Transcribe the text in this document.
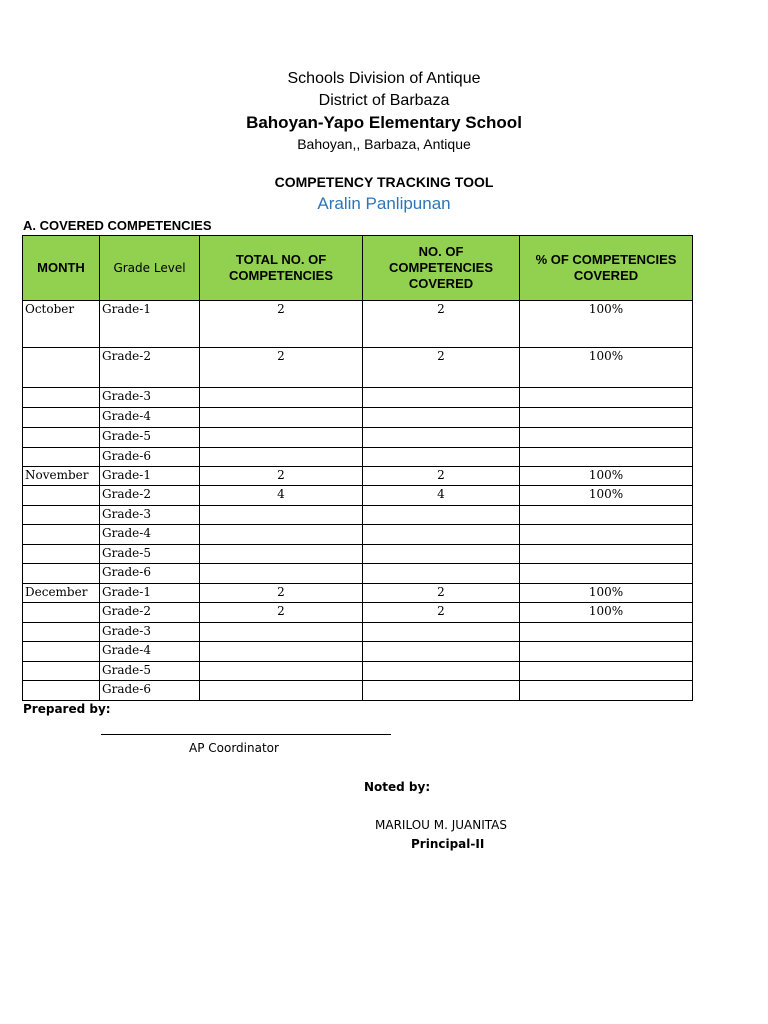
Schools Division of Antique
District of Barbaza
Bahoyan-Yapo Elementary School
Bahoyan,, Barbaza, Antique
COMPETENCY TRACKING TOOL
Aralin Panlipunan
A. COVERED COMPETENCIES
MONTH	Grade Level	TOTAL NO. OF COMPETENCIES	NO. OF COMPETENCIES COVERED	% OF COMPETENCIES COVERED
October	Grade-1	2	2	100%
	Grade-2	2	2	100%
	Grade-3			
	Grade-4			
	Grade-5			
	Grade-6			
November	Grade-1	2	2	100%
	Grade-2	4	4	100%
	Grade-3			
	Grade-4			
	Grade-5			
	Grade-6			
December	Grade-1	2	2	100%
	Grade-2	2	2	100%
	Grade-3			
	Grade-4			
	Grade-5			
	Grade-6			
Prepared by:
AP Coordinator
Noted by:
MARILOU M. JUANITAS
Principal-II
